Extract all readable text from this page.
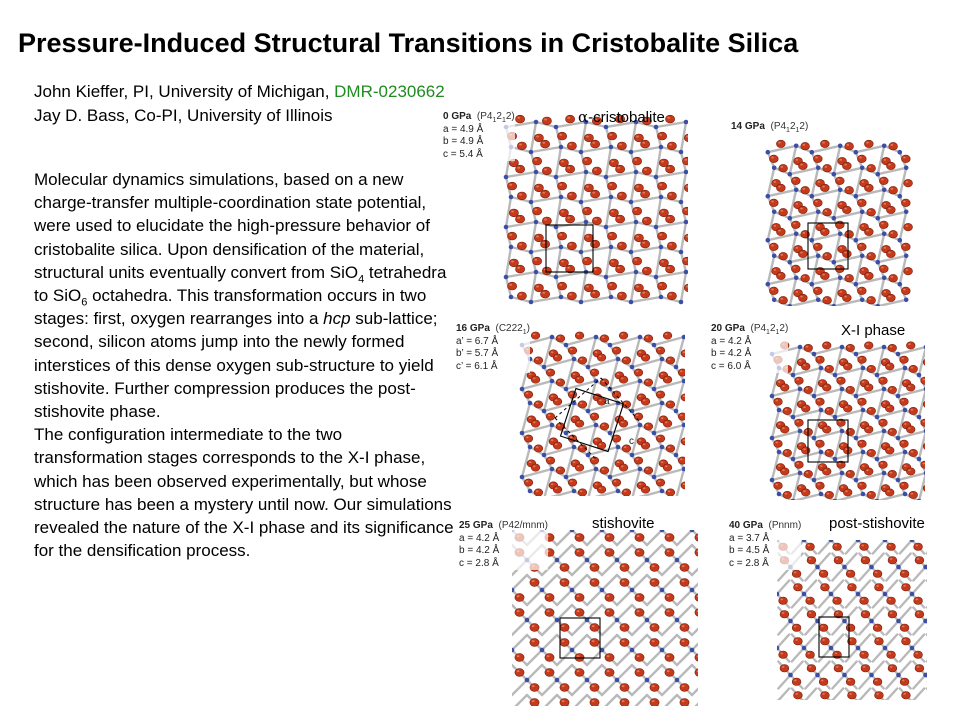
Pressure-Induced Structural Transitions in Cristobalite Silica
John Kieffer, PI, University of Michigan, DMR-0230662
Jay D. Bass, Co-PI, University of Illinois
Molecular dynamics simulations, based on a new charge-transfer multiple-coordination state potential, were used to elucidate the high-pressure behavior of cristobalite silica. Upon densification of the material, structural units eventually convert from SiO$_4$ tetrahedra to SiO$_6$ octahedra. This transformation occurs in two stages: first, oxygen rearranges into a hcp sub-lattice; second, silicon atoms jump into the newly formed interstices of this dense oxygen sub-structure to yield stishovite. Further compression produces the post-stishovite phase.
The configuration intermediate to the two transformation stages corresponds to the X-I phase, which has been observed experimentally, but whose structure has been a mystery until now. Our simulations revealed the nature of the X-I phase and its significance for the densification process.
0 GPa $(P4_12_12)$
a = 4.9 Å
b = 4.9 Å
c = 5.4 Å
α-cristobalite
14 GPa $(P4_12_12)$
16 GPa $(C222_1)$
a’ = 6.7 Å
b’ = 5.7 Å
c’ = 6.1 Å
a
c
20 GPa $(P4_12_12)$
a = 4.2 Å
b = 4.2 Å
c = 6.0 Å
X-I phase
25 GPa (P42/mnm)
a = 4.2 Å
b = 4.2 Å
c = 2.8 Å
stishovite	40 GPa (Pnnm)
a = 3.7 Å
b = 4.5 Å
c = 2.8 Å
post-stishovite
